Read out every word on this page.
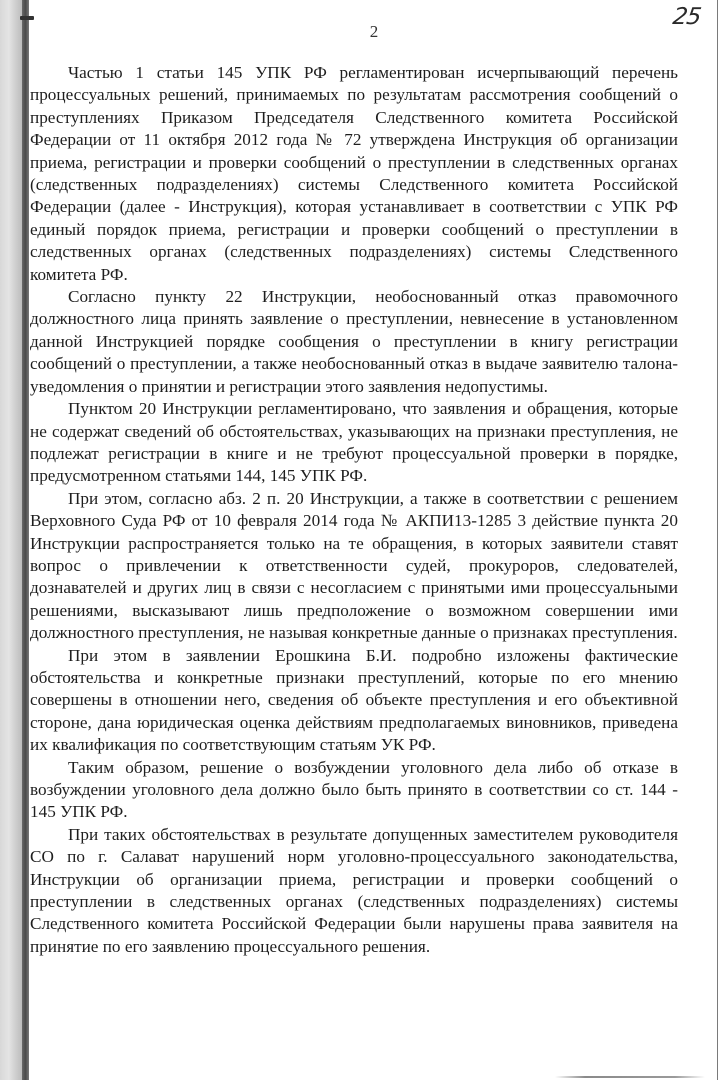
25
2

Частью 1 статьи 145 УПК РФ регламентирован исчерпывающий перечень процессуальных решений, принимаемых по результатам рассмотрения сообщений о преступлениях Приказом Председателя Следственного комитета Российской Федерации от 11 октября 2012 года № 72 утверждена Инструкция об организации приема, регистрации и проверки сообщений о преступлении в следственных органах (следственных подразделениях) системы Следственного комитета Российской Федерации (далее - Инструкция), которая устанавливает в соответствии с УПК РФ единый порядок приема, регистрации и проверки сообщений о преступлении в следственных органах (следственных подразделениях) системы Следственного комитета РФ.

Согласно пункту 22 Инструкции, необоснованный отказ правомочного должностного лица принять заявление о преступлении, невнесение в установленном данной Инструкцией порядке сообщения о преступлении в книгу регистрации сообщений о преступлении, а также необоснованный отказ в выдаче заявителю талона-уведомления о принятии и регистрации этого заявления недопустимы.

Пунктом 20 Инструкции регламентировано, что заявления и обращения, которые не содержат сведений об обстоятельствах, указывающих на признаки преступления, не подлежат регистрации в книге и не требуют процессуальной проверки в порядке, предусмотренном статьями 144, 145 УПК РФ.

При этом, согласно абз. 2 п. 20 Инструкции, а также в соответствии с решением Верховного Суда РФ от 10 февраля 2014 года № АКПИ13-1285 3 действие пункта 20 Инструкции распространяется только на те обращения, в которых заявители ставят вопрос о привлечении к ответственности судей, прокуроров, следователей, дознавателей и других лиц в связи с несогласием с принятыми ими процессуальными решениями, высказывают лишь предположение о возможном совершении ими должностного преступления, не называя конкретные данные о признаках преступления.

При этом в заявлении Ерошкина Б.И. подробно изложены фактические обстоятельства и конкретные признаки преступлений, которые по его мнению совершены в отношении него, сведения об объекте преступления и его объективной стороне, дана юридическая оценка действиям предполагаемых виновников, приведена их квалификация по соответствующим статьям УК РФ.

Таким образом, решение о возбуждении уголовного дела либо об отказе в возбуждении уголовного дела должно было быть принято в соответствии со ст. 144 - 145 УПК РФ.

При таких обстоятельствах в результате допущенных заместителем руководителя СО по г. Салават нарушений норм уголовно-процессуального законодательства, Инструкции об организации приема, регистрации и проверки сообщений о преступлении в следственных органах (следственных подразделениях) системы Следственного комитета Российской Федерации были нарушены права заявителя на принятие по его заявлению процессуального решения.
